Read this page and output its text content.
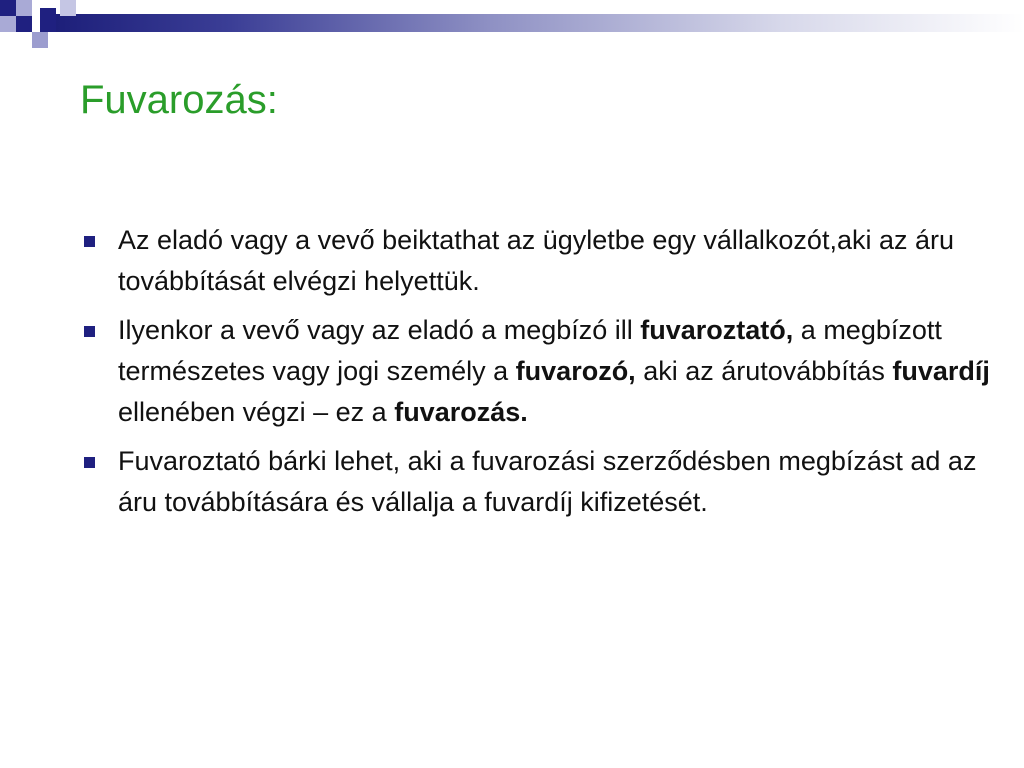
Fuvarozás:
Az eladó vagy a vevő beiktathat az ügyletbe egy vállalkozót,aki az áru továbbítását elvégzi helyettük.
Ilyenkor a vevő vagy az eladó a megbízó ill fuvaroztató, a megbízott természetes vagy jogi személy a fuvarozó, aki az árutovábbítás fuvardíj ellenében végzi – ez a fuvarozás.
Fuvaroztató bárki lehet, aki a fuvarozási szerződésben megbízást ad az áru továbbítására és vállalja a fuvardíj kifizetését.
